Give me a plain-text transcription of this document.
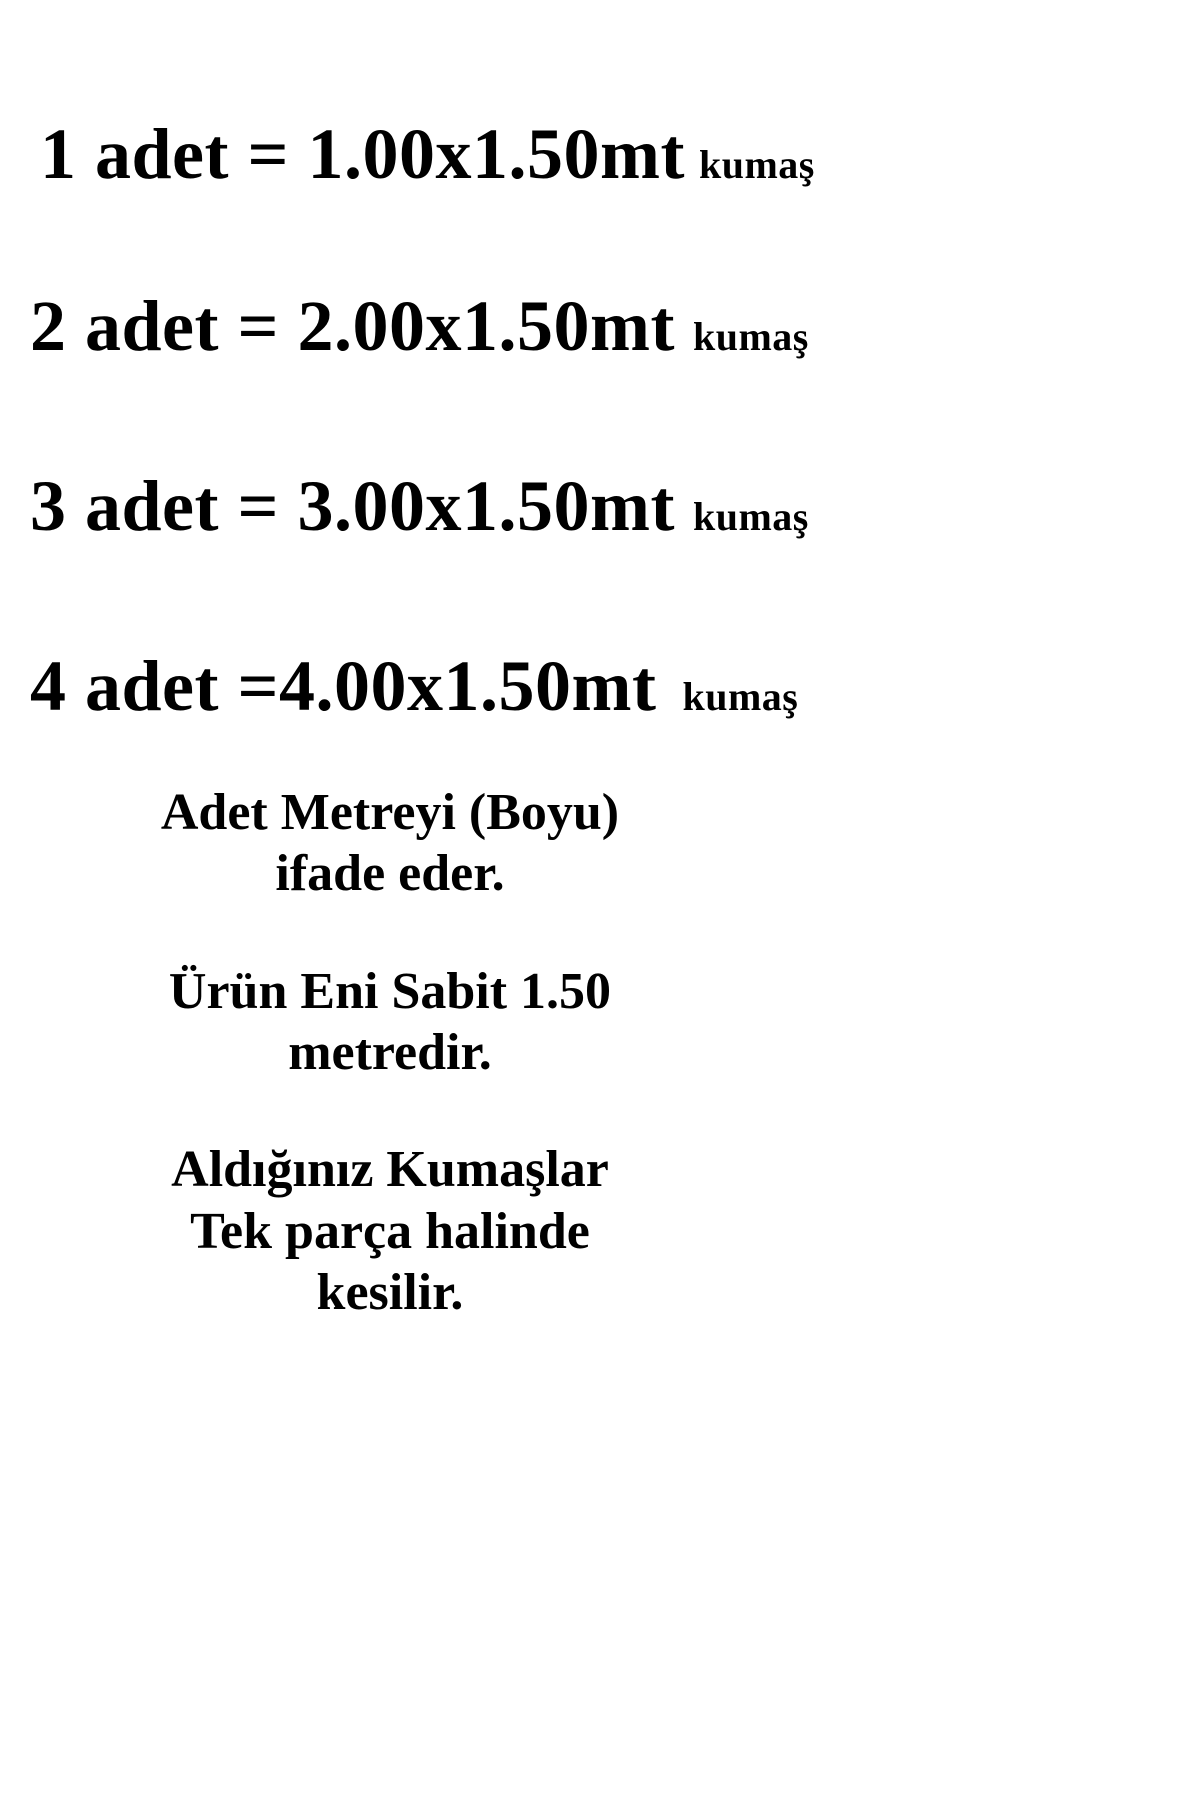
1 adet = 1.00x1.50mt kumaş
2 adet = 2.00x1.50mt kumaş
3 adet = 3.00x1.50mt kumaş
4 adet =4.00x1.50mt kumaş

Adet Metreyi (Boyu)
ifade eder.

Ürün Eni Sabit 1.50
metredir.

Aldığınız Kumaşlar
Tek parça halinde
kesilir.
